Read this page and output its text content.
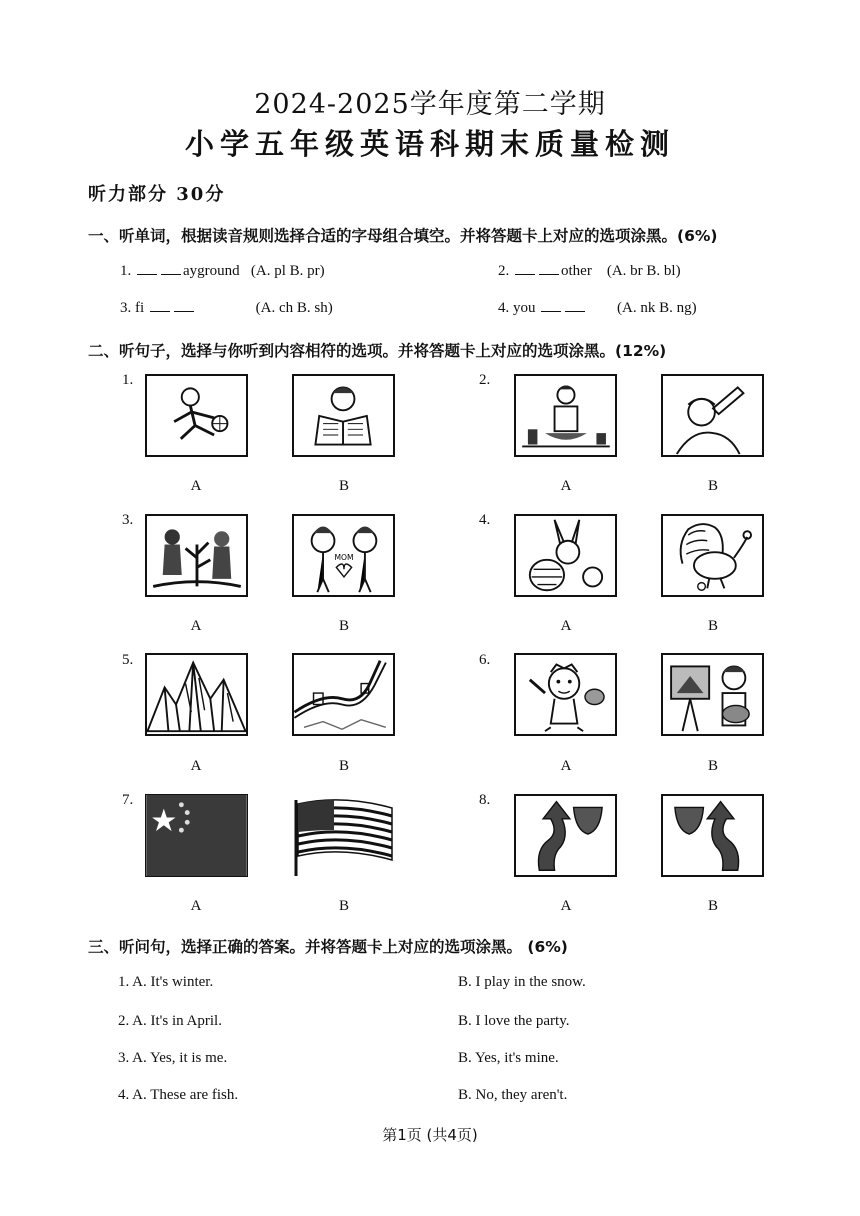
2024-2025学年度第二学期
小学五年级英语科期末质量检测
听力部分 30分
一、听单词，根据读音规则选择合适的字母组合填空。并将答题卡上对应的选项涂黑。(6%)
1.	ayground (A. pl B. pr)	2.	other (A. br B. bl)
3. fi	(A. ch B. sh)	4. you	(A. nk B. ng)
二、听句子，选择与你听到内容相符的选项。并将答题卡上对应的选项涂黑。(12%)
1.	2.
A	B	A	B
3.
MOM
4.
A	B	A	B
5.	6.
A	B	A	B
7.	8.
A	B	A	B
三、听问句，选择正确的答案。并将答题卡上对应的选项涂黑。 (6%)
1. A. It's winter.	B. I play in the snow.
2. A. It's in April.	B. I love the party.
3. A. Yes, it is me.	B. Yes, it's mine.
4. A. These are fish.	B. No, they aren't.
第1页 (共4页)
